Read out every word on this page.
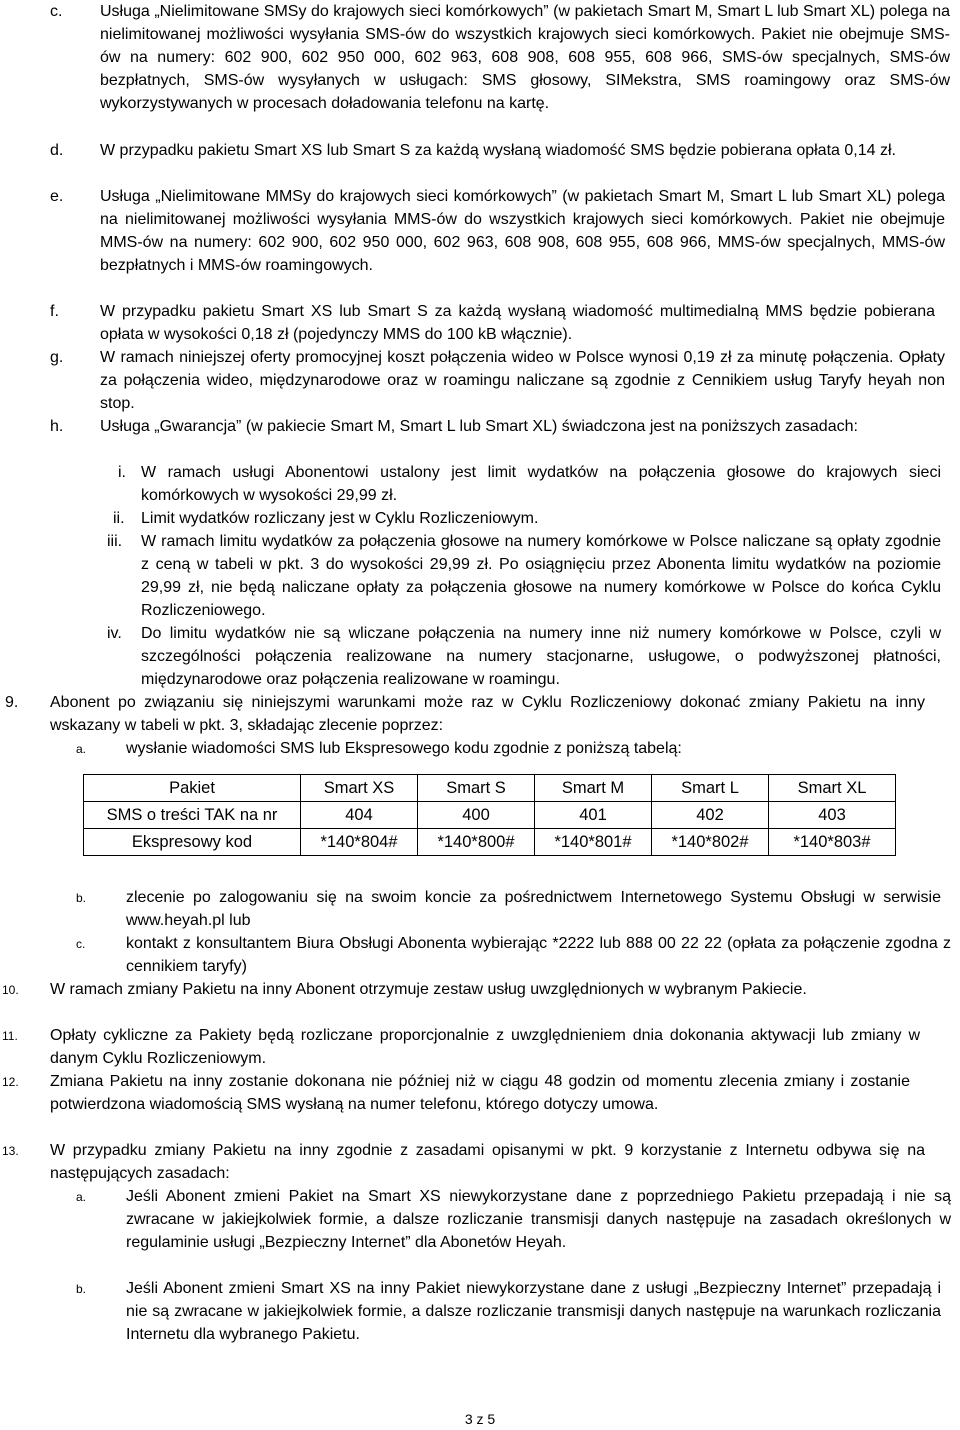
c. Usługa „Nielimitowane SMSy do krajowych sieci komórkowych” (w pakietach Smart M, Smart L lub Smart XL) polega na nielimitowanej możliwości wysyłania SMS-ów do wszystkich krajowych sieci komórkowych. Pakiet nie obejmuje SMS-ów na numery: 602 900, 602 950 000, 602 963, 608 908, 608 955, 608 966, SMS-ów specjalnych, SMS-ów bezpłatnych, SMS-ów wysyłanych w usługach: SMS głosowy, SIMekstra, SMS roamingowy oraz SMS-ów wykorzystywanych w procesach doładowania telefonu na kartę.
d. W przypadku pakietu Smart XS lub Smart S za każdą wysłaną wiadomość SMS będzie pobierana opłata 0,14 zł.
e. Usługa „Nielimitowane MMSy do krajowych sieci komórkowych” (w pakietach Smart M, Smart L lub Smart XL) polega na nielimitowanej możliwości wysyłania MMS-ów do wszystkich krajowych sieci komórkowych. Pakiet nie obejmuje MMS-ów na numery: 602 900, 602 950 000, 602 963, 608 908, 608 955, 608 966, MMS-ów specjalnych, MMS-ów bezpłatnych i MMS-ów roamingowych.
f.	W przypadku pakietu Smart XS lub Smart S za każdą wysłaną wiadomość multimedialną MMS będzie pobierana opłata w wysokości 0,18 zł (pojedynczy MMS do 100 kB włącznie).
g. W ramach niniejszej oferty promocyjnej koszt połączenia wideo w Polsce wynosi 0,19 zł za minutę połączenia. Opłaty za połączenia wideo, międzynarodowe oraz w roamingu naliczane są zgodnie z Cennikiem usług Taryfy heyah non stop.
h. Usługa „Gwarancja” (w pakiecie Smart M, Smart L lub Smart XL) świadczona jest na poniższych zasadach:
i. W ramach usługi Abonentowi ustalony jest limit wydatków na połączenia głosowe do krajowych sieci komórkowych w wysokości 29,99 zł.
ii. Limit wydatków rozliczany jest w Cyklu Rozliczeniowym.
iii. W ramach limitu wydatków za połączenia głosowe na numery komórkowe w Polsce naliczane są opłaty zgodnie z ceną w tabeli w pkt. 3 do wysokości 29,99 zł. Po osiągnięciu przez Abonenta limitu wydatków na poziomie 29,99 zł, nie będą naliczane opłaty za połączenia głosowe na numery komórkowe w Polsce do końca Cyklu Rozliczeniowego.
iv. Do limitu wydatków nie są wliczane połączenia na numery inne niż numery komórkowe w Polsce, czyli w szczególności połączenia realizowane na numery stacjonarne, usługowe, o podwyższonej płatności, międzynarodowe oraz połączenia realizowane w roamingu.
9. Abonent po związaniu się niniejszymi warunkami może raz w Cyklu Rozliczeniowy dokonać zmiany Pakietu na inny wskazany w tabeli w pkt. 3, składając zlecenie poprzez:
a. wysłanie wiadomości SMS lub Ekspresowego kodu zgodnie z poniższą tabelą:
Pakiet	Smart XS	Smart S	Smart M	Smart L	Smart XL
SMS o treści TAK na nr	404	400	401	402	403
Ekspresowy kod	*140*804#	*140*800#	*140*801#	*140*802#	*140*803#
b. zlecenie po zalogowaniu się na swoim koncie za pośrednictwem Internetowego Systemu Obsługi w serwisie www.heyah.pl lub
c.	kontakt z konsultantem Biura Obsługi Abonenta wybierając *2222 lub 888 00 22 22 (opłata za połączenie zgodna z cennikiem taryfy)
10. W ramach zmiany Pakietu na inny Abonent otrzymuje zestaw usług uwzględnionych w wybranym Pakiecie.
11. Opłaty cykliczne za Pakiety będą rozliczane proporcjonalnie z uwzględnieniem dnia dokonania aktywacji lub zmiany w danym Cyklu Rozliczeniowym.
12. Zmiana Pakietu na inny zostanie dokonana nie później niż w ciągu 48 godzin od momentu zlecenia zmiany i zostanie potwierdzona wiadomością SMS wysłaną na numer telefonu, którego dotyczy umowa.
13. W przypadku zmiany Pakietu na inny zgodnie z zasadami opisanymi w pkt. 9 korzystanie z Internetu odbywa się na następujących zasadach:
a. Jeśli Abonent zmieni Pakiet na Smart XS niewykorzystane dane z poprzedniego Pakietu przepadają i nie są zwracane w jakiejkolwiek formie, a dalsze rozliczanie transmisji danych następuje na zasadach określonych w regulaminie usługi „Bezpieczny Internet” dla Abonetów Heyah.
b. Jeśli Abonent zmieni Smart XS na inny Pakiet niewykorzystane dane z usługi „Bezpieczny Internet” przepadają i nie są zwracane w jakiejkolwiek formie, a dalsze rozliczanie transmisji danych następuje na warunkach rozliczania Internetu dla wybranego Pakietu.
3 z 5
